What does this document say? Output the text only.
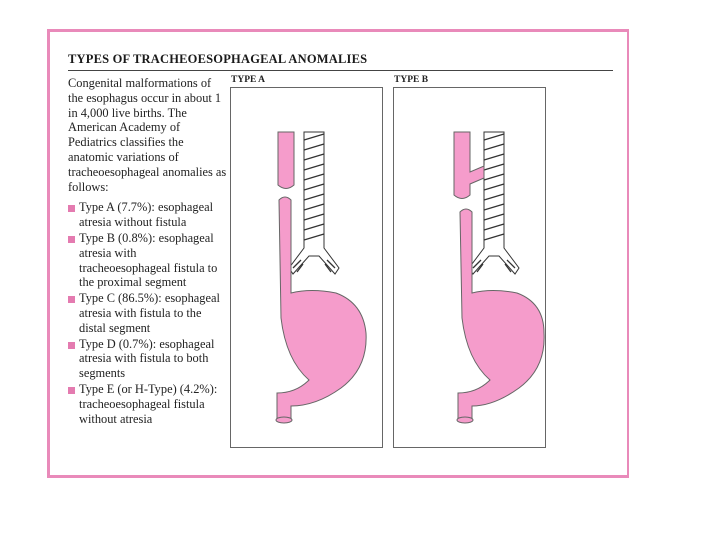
TYPES OF TRACHEOESOPHAGEAL ANOMALIES

Congenital malformations of the esophagus occur in about 1 in 4,000 live births. The American Academy of Pediatrics classifies the anatomic variations of tracheoesophageal anomalies as follows:

Type A (7.7%): esophageal atresia without fistula
Type B (0.8%): esophageal atresia with tracheoesophageal fistula to the proximal segment
Type C (86.5%): esophageal atresia with fistula to the distal segment
Type D (0.7%): esophageal atresia with fistula to both segments
Type E (or H-Type) (4.2%): tracheoesophageal fistula without atresia
TYPE A	TYPE B
